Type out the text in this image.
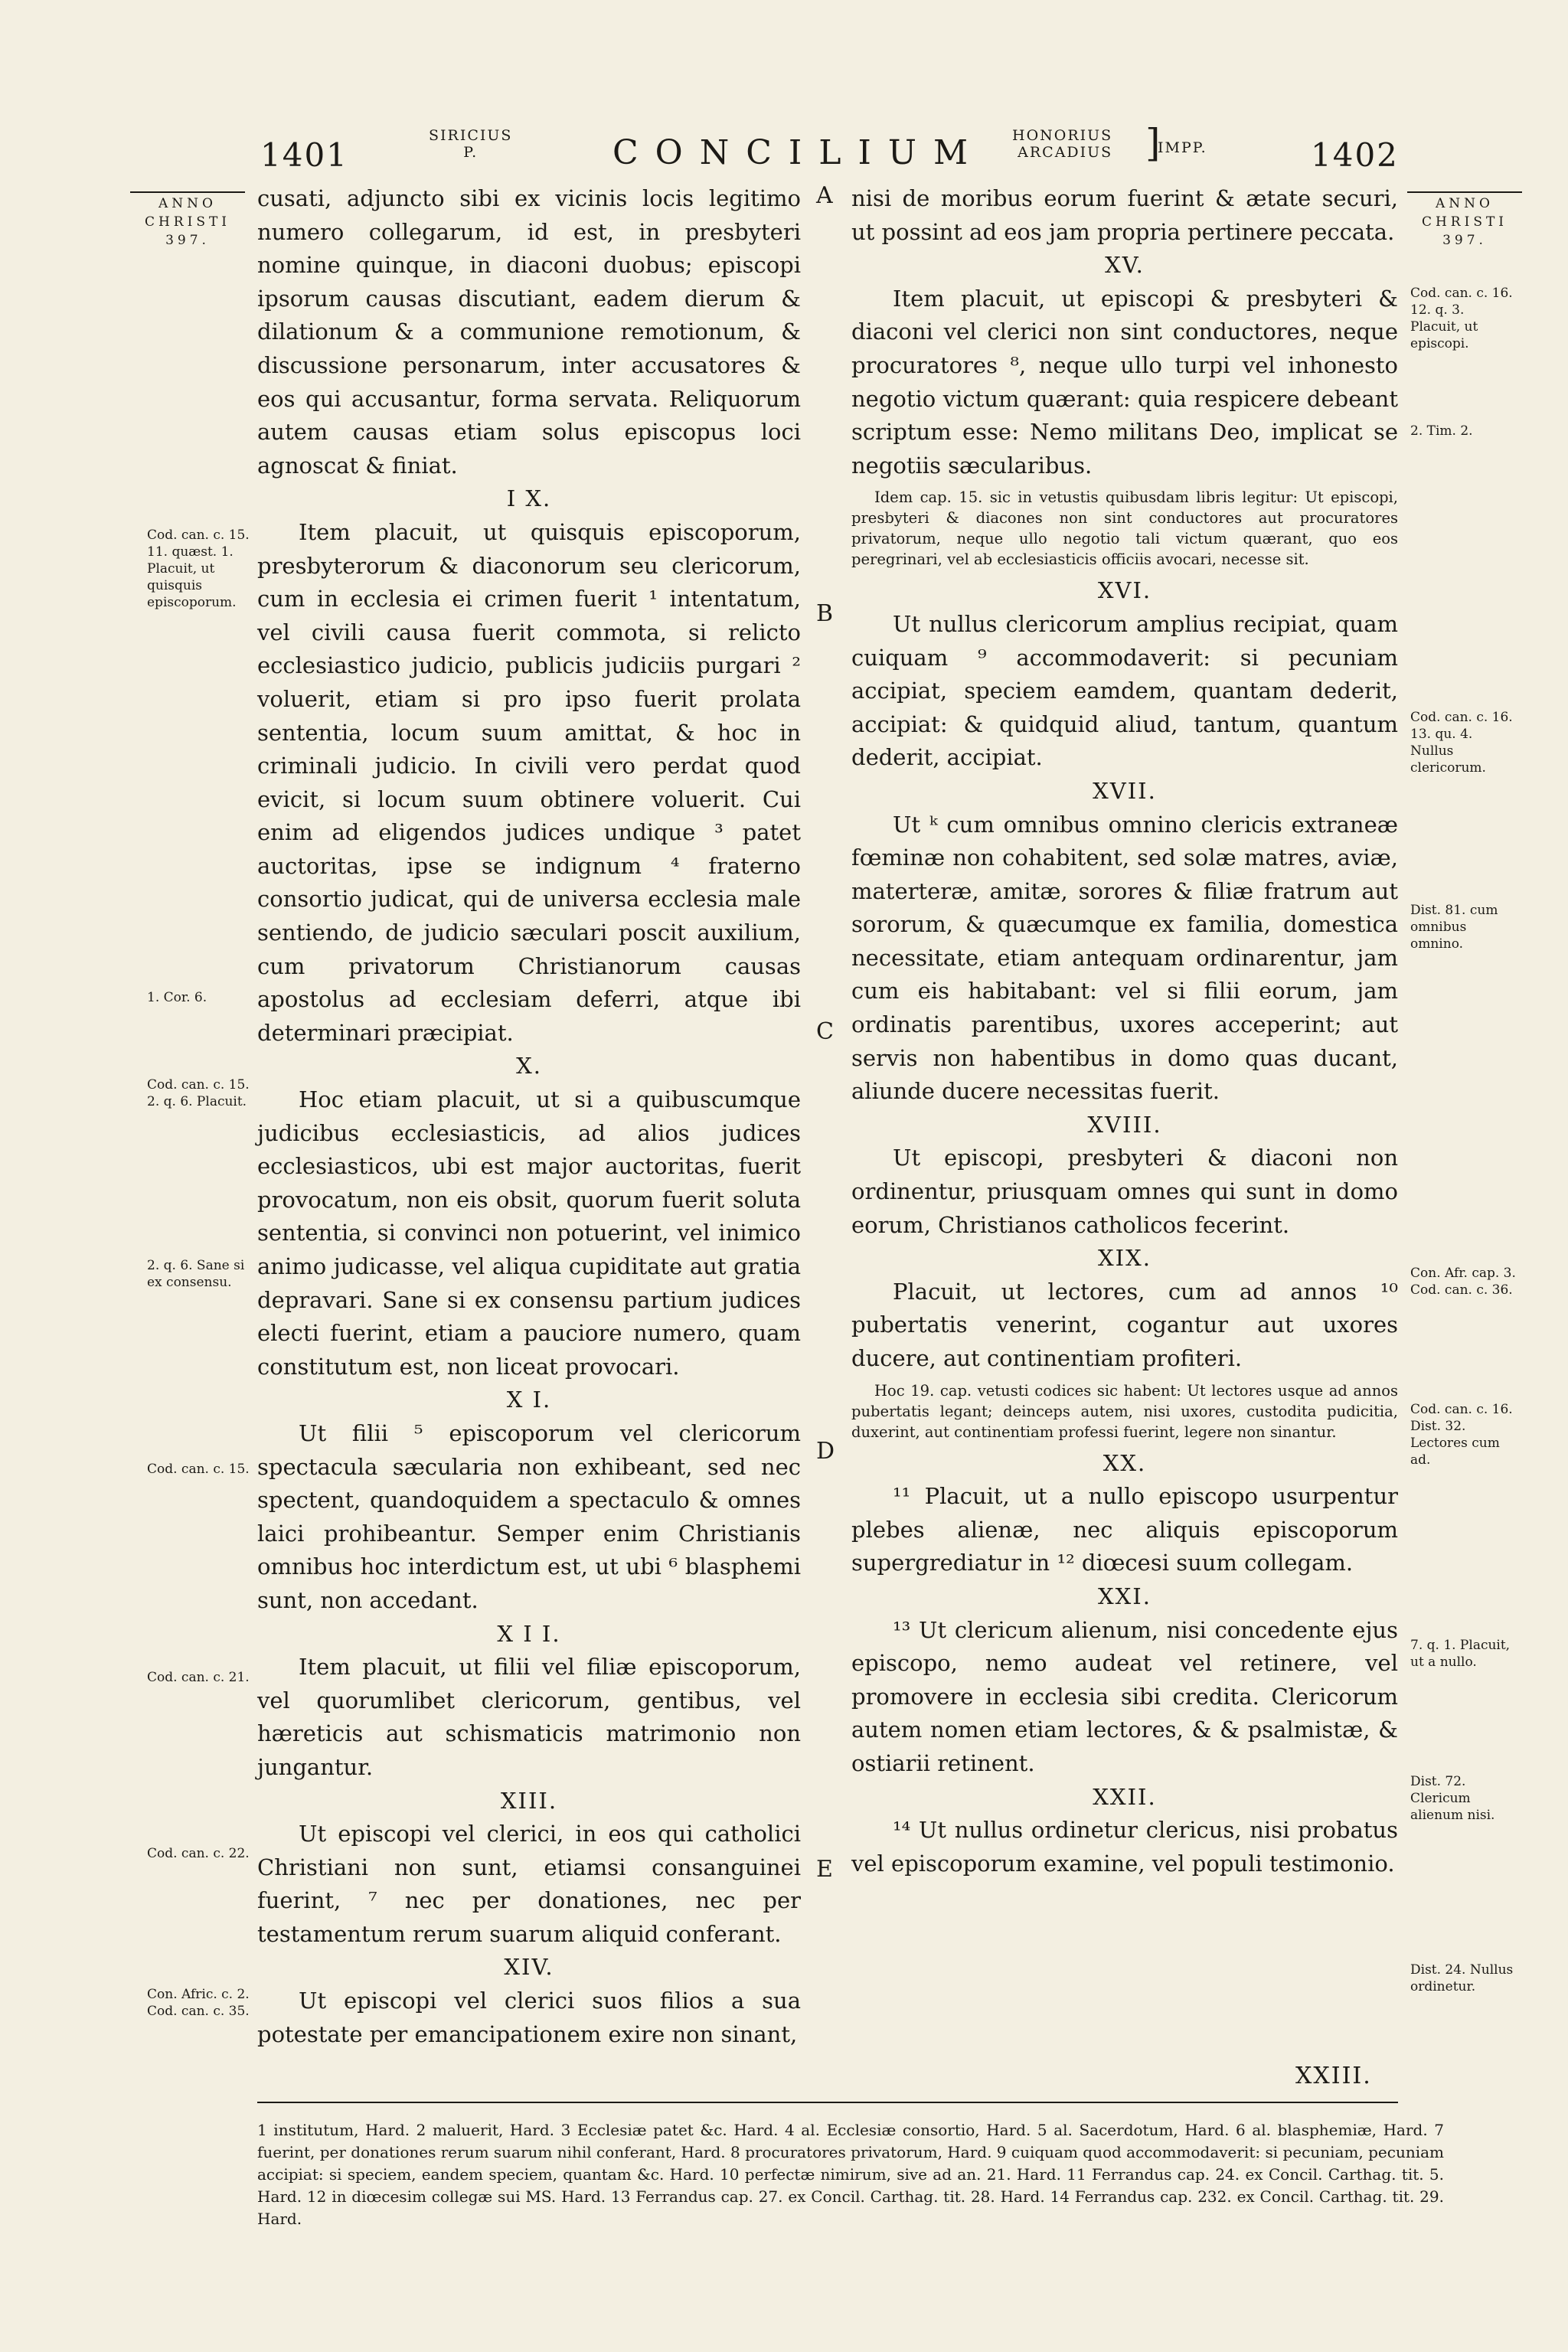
1401
SIRICIUS
P.	CONCILIUM HONORIUS
ARCADIUS ]
IMPP.	1402
ANNO
CHRISTI
397.
Cod. can. c. 15. 11. quæst. 1. Placuit, ut quisquis episcoporum.
1. Cor. 6.
Cod. can. c. 15. 2. q. 6. Placuit.
2. q. 6. Sane si ex consensu.
Cod. can. c. 15.
Cod. can. c. 21.
Cod. can. c. 22.
Con. Afric. c. 2. Cod. can. c. 35.

cusati, adjuncto sibi ex vicinis locis legitimo numero collegarum, id est, in presbyteri nomine quinque, in diaconi duobus; episcopi ipsorum causas discutiant, eadem dierum & dilationum & a communione remotionum, & discussione personarum, inter accusatores & eos qui accusantur, forma servata. Reliquorum autem causas etiam solus episcopus loci agnoscat & finiat.

I X.

Item placuit, ut quisquis episcoporum, presbyterorum & diaconorum seu clericorum, cum in ecclesia ei crimen fuerit ¹ intentatum, vel civili causa fuerit commota, si relicto ecclesiastico judicio, publicis judiciis purgari ² voluerit, etiam si pro ipso fuerit prolata sententia, locum suum amittat, & hoc in criminali judicio. In civili vero perdat quod evicit, si locum suum obtinere voluerit. Cui enim ad eligendos judices undique ³ patet auctoritas, ipse se indignum ⁴ fraterno consortio judicat, qui de universa ecclesia male sentiendo, de judicio sæculari poscit auxilium, cum privatorum Christianorum causas apostolus ad ecclesiam deferri, atque ibi determinari præcipiat.

X.

Hoc etiam placuit, ut si a quibuscumque judicibus ecclesiasticis, ad alios judices ecclesiasticos, ubi est major auctoritas, fuerit provocatum, non eis obsit, quorum fuerit soluta sententia, si convinci non potuerint, vel inimico animo judicasse, vel aliqua cupiditate aut gratia depravari. Sane si ex consensu partium judices electi fuerint, etiam a pauciore numero, quam constitutum est, non liceat provocari.

X I.

Ut filii ⁵ episcoporum vel clericorum spectacula sæcularia non exhibeant, sed nec spectent, quandoquidem a spectaculo & omnes laici prohibeantur. Semper enim Christianis omnibus hoc interdictum est, ut ubi ⁶ blasphemi sunt, non accedant.

X I I.

Item placuit, ut filii vel filiæ episcoporum, vel quorumlibet clericorum, gentibus, vel hæreticis aut schismaticis matrimonio non jungantur.

XIII.

Ut episcopi vel clerici, in eos qui catholici Christiani non sunt, etiamsi consanguinei fuerint, ⁷ nec per donationes, nec per testamentum rerum suarum aliquid conferant.

XIV.

Ut episcopi vel clerici suos filios a sua potestate per emancipationem exire non sinant,

A
B
C
D
E

nisi de moribus eorum fuerint & ætate securi, ut possint ad eos jam propria pertinere peccata.

XV.

Item placuit, ut episcopi & presbyteri & diaconi vel clerici non sint conductores, neque procuratores ⁸, neque ullo turpi vel inhonesto negotio victum quærant: quia respicere debeant scriptum esse: Nemo militans Deo, implicat se negotiis sæcularibus.

Idem cap. 15. sic in vetustis quibusdam libris legitur: Ut episcopi, presbyteri & diacones non sint conductores aut procuratores privatorum, neque ullo negotio tali victum quærant, quo eos peregrinari, vel ab ecclesiasticis officiis avocari, necesse sit.

XVI.

Ut nullus clericorum amplius recipiat, quam cuiquam ⁹ accommodaverit: si pecuniam accipiat, speciem eamdem, quantam dederit, accipiat: & quidquid aliud, tantum, quantum dederit, accipiat.

XVII.

Ut ᵏ cum omnibus omnino clericis extraneæ fœminæ non cohabitent, sed solæ matres, aviæ, materteræ, amitæ, sorores & filiæ fratrum aut sororum, & quæcumque ex familia, domestica necessitate, etiam antequam ordinarentur, jam cum eis habitabant: vel si filii eorum, jam ordinatis parentibus, uxores acceperint; aut servis non habentibus in domo quas ducant, aliunde ducere necessitas fuerit.

XVIII.

Ut episcopi, presbyteri & diaconi non ordinentur, priusquam omnes qui sunt in domo eorum, Christianos catholicos fecerint.

XIX.

Placuit, ut lectores, cum ad annos ¹⁰ pubertatis venerint, cogantur aut uxores ducere, aut continentiam profiteri.

Hoc 19. cap. vetusti codices sic habent: Ut lectores usque ad annos pubertatis legant; deinceps autem, nisi uxores, custodita pudicitia, duxerint, aut continentiam professi fuerint, legere non sinantur.

XX.

¹¹ Placuit, ut a nullo episcopo usurpentur plebes alienæ, nec aliquis episcoporum supergrediatur in ¹² diœcesi suum collegam.

XXI.

¹³ Ut clericum alienum, nisi concedente ejus episcopo, nemo audeat vel retinere, vel promovere in ecclesia sibi credita. Clericorum autem nomen etiam lectores, & & psalmistæ, & ostiarii retinent.

XXII.

¹⁴ Ut nullus ordinetur clericus, nisi probatus vel episcoporum examine, vel populi testimonio.

ANNO
CHRISTI
397.
Cod. can. c. 16. 12. q. 3. Placuit, ut episcopi.
2. Tim. 2.
Cod. can. c. 16. 13. qu. 4. Nullus clericorum.
Dist. 81. cum omnibus omnino.
Con. Afr. cap. 3. Cod. can. c. 36.
Cod. can. c. 16. Dist. 32. Lectores cum ad.
7. q. 1. Placuit, ut a nullo.
Dist. 72. Clericum alienum nisi.
Dist. 24. Nullus ordinetur.
XXIII.
1 institutum, Hard. 2 maluerit, Hard. 3 Ecclesiæ patet &c. Hard. 4 al. Ecclesiæ consortio, Hard. 5 al. Sacerdotum, Hard. 6 al. blasphemiæ, Hard. 7 fuerint, per donationes rerum suarum nihil conferant, Hard. 8 procuratores privatorum, Hard. 9 cuiquam quod accommodaverit: si pecuniam, pecuniam accipiat: si speciem, eandem speciem, quantam &c. Hard. 10 perfectæ nimirum, sive ad an. 21. Hard. 11 Ferrandus cap. 24. ex Concil. Carthag. tit. 5. Hard. 12 in diœcesim collegæ sui MS. Hard. 13 Ferrandus cap. 27. ex Concil. Carthag. tit. 28. Hard. 14 Ferrandus cap. 232. ex Concil. Carthag. tit. 29. Hard.
